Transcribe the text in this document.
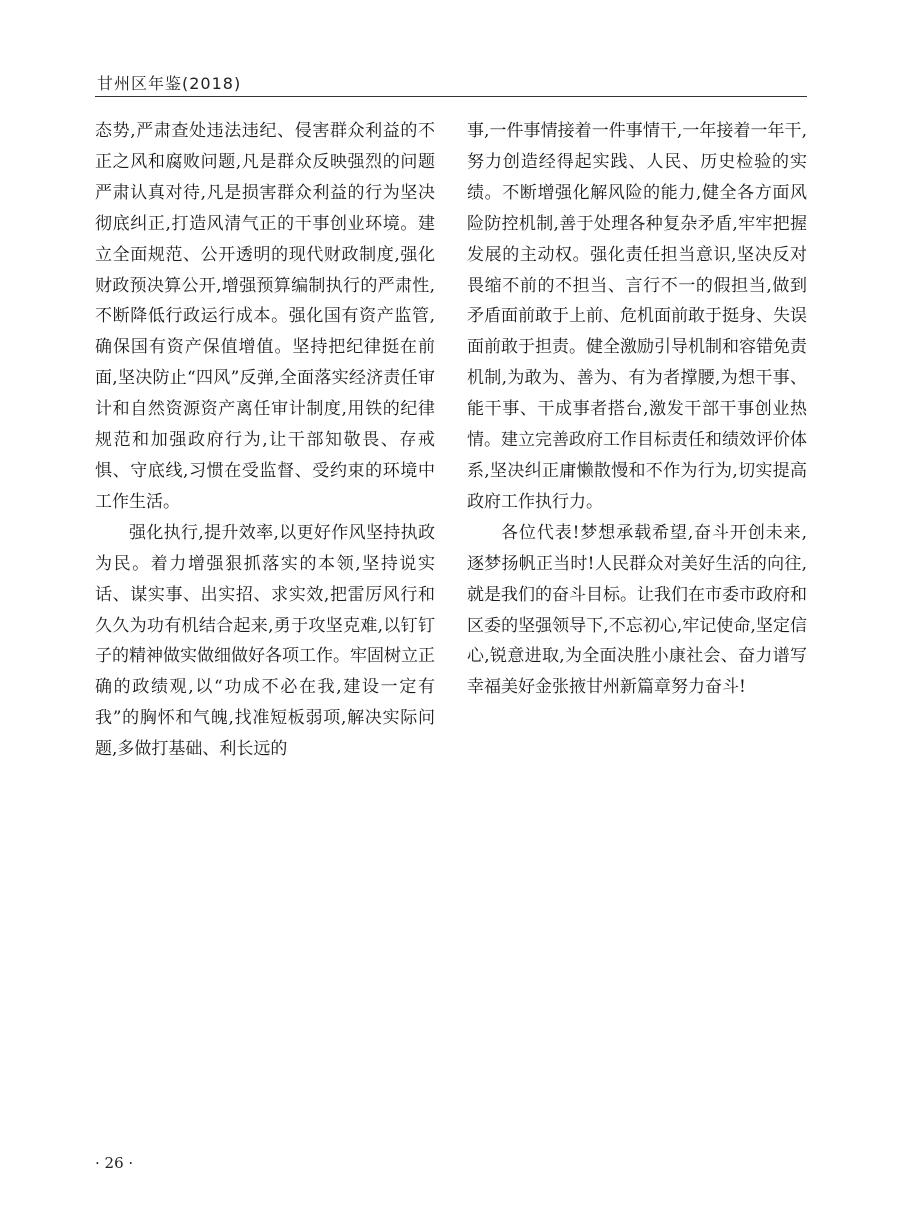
甘州区年鉴(2018)

态势,严肃查处违法违纪、侵害群众利益的不正之风和腐败问题,凡是群众反映强烈的问题严肃认真对待,凡是损害群众利益的行为坚决彻底纠正,打造风清气正的干事创业环境。建立全面规范、公开透明的现代财政制度,强化财政预决算公开,增强预算编制执行的严肃性,不断降低行政运行成本。强化国有资产监管,确保国有资产保值增值。坚持把纪律挺在前面,坚决防止“四风”反弹,全面落实经济责任审计和自然资源资产离任审计制度,用铁的纪律规范和加强政府行为,让干部知敬畏、存戒惧、守底线,习惯在受监督、受约束的环境中工作生活。

强化执行,提升效率,以更好作风坚持执政为民。着力增强狠抓落实的本领,坚持说实话、谋实事、出实招、求实效,把雷厉风行和久久为功有机结合起来,勇于攻坚克难,以钉钉子的精神做实做细做好各项工作。牢固树立正确的政绩观,以“功成不必在我,建设一定有我”的胸怀和气魄,找准短板弱项,解决实际问题,多做打基础、利长远的

事,一件事情接着一件事情干,一年接着一年干,努力创造经得起实践、人民、历史检验的实绩。不断增强化解风险的能力,健全各方面风险防控机制,善于处理各种复杂矛盾,牢牢把握发展的主动权。强化责任担当意识,坚决反对畏缩不前的不担当、言行不一的假担当,做到矛盾面前敢于上前、危机面前敢于挺身、失误面前敢于担责。健全激励引导机制和容错免责机制,为敢为、善为、有为者撑腰,为想干事、能干事、干成事者搭台,激发干部干事创业热情。建立完善政府工作目标责任和绩效评价体系,坚决纠正庸懒散慢和不作为行为,切实提高政府工作执行力。

各位代表!梦想承载希望,奋斗开创未来,逐梦扬帆正当时!人民群众对美好生活的向往,就是我们的奋斗目标。让我们在市委市政府和区委的坚强领导下,不忘初心,牢记使命,坚定信心,锐意进取,为全面决胜小康社会、奋力谱写幸福美好金张掖甘州新篇章努力奋斗!

· 26 ·
